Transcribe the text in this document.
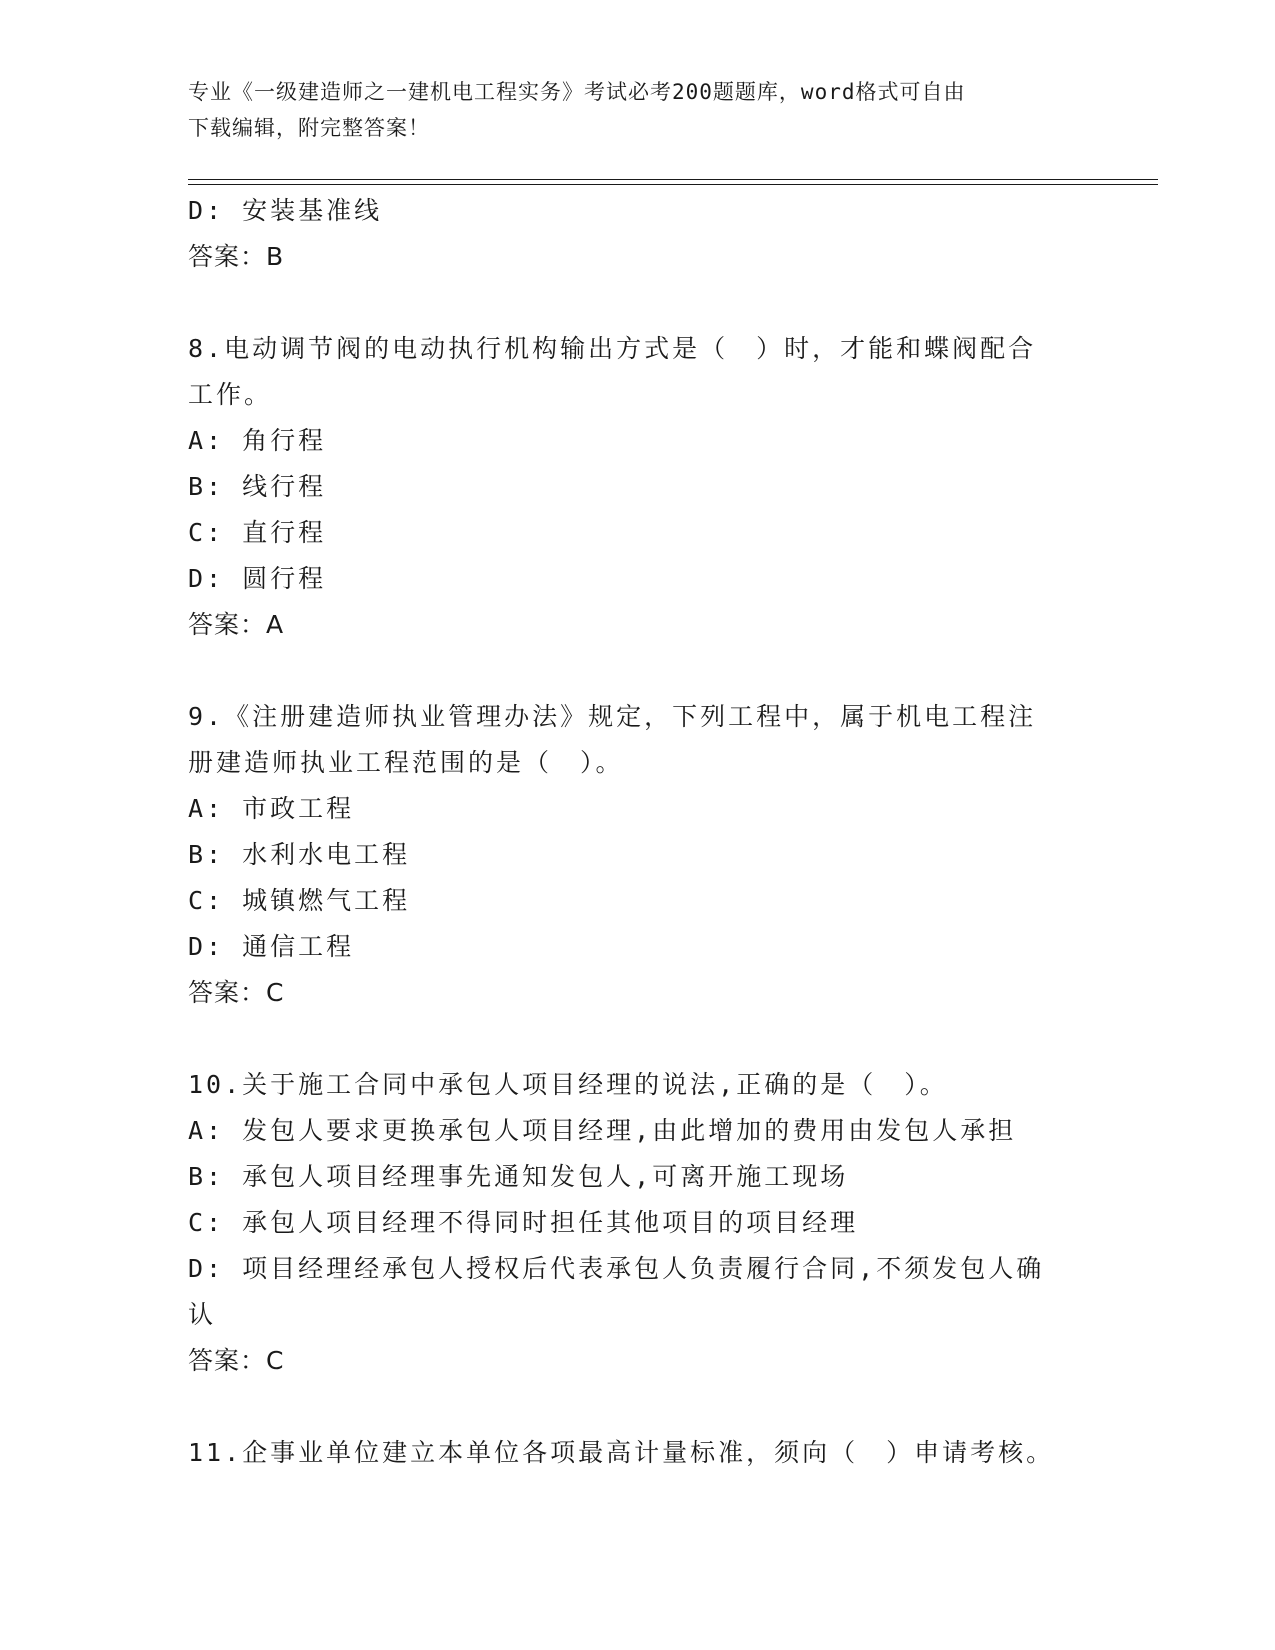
专业《一级建造师之一建机电工程实务》考试必考200题题库，word格式可自由
下载编辑，附完整答案！

D: 安装基准线

答案：B

8.电动调节阀的电动执行机构输出方式是（　）时，才能和蝶阀配合

工作。

A: 角行程

B: 线行程

C: 直行程

D: 圆行程

答案：A

9.《注册建造师执业管理办法》规定，下列工程中，属于机电工程注

册建造师执业工程范围的是（　）。

A: 市政工程

B: 水利水电工程

C: 城镇燃气工程

D: 通信工程

答案：C

10.关于施工合同中承包人项目经理的说法,正确的是（　）。

A: 发包人要求更换承包人项目经理,由此增加的费用由发包人承担

B: 承包人项目经理事先通知发包人,可离开施工现场

C: 承包人项目经理不得同时担任其他项目的项目经理

D: 项目经理经承包人授权后代表承包人负责履行合同,不须发包人确

认

答案：C

11.企事业单位建立本单位各项最高计量标准，须向（　）申请考核。
